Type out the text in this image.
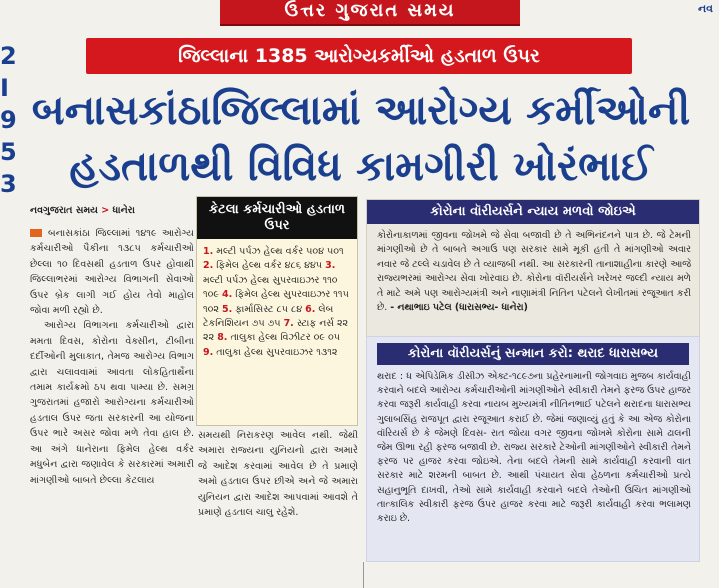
ઉત્તર ગુજરાત સમય	નવ
2
I
9
5
3
જિલ્લાના 1385 આરોગ્યકર્મીઓ હડતાળ ઉપર
બનાસકાંઠાજિલ્લામાં આરોગ્ય કર્મીઓની
હડતાળથી વિવિધ કામગીરી ખોરંભાઈ
નવગુજરાત સમય > ધાનેરા

બનાસકાંઠા જિલ્લામાં ૧૪૧૯ આરોગ્ય કર્મચારીઓ પૈકીના ૧૩૮૫ કર્મચારીઓ છેલ્લા ૧૦ દિવસથી હડતાળ ઉપર હોવાથી જિલ્લાભરમાં આરોગ્ય વિભાગની સેવાઓ ઉપર બ્રેક લાગી ગઈ હોય તેવો માહોલ જોવા મળી રહ્યો છે.

આરોગ્ય વિભાગના કર્મચારીઓ દ્વારા મમતા દિવસ, કોરોના વેક્સીન, ટીબીના દર્દીઓની મુલાકાત, તેમજ આરોગ્ય વિભાગ દ્વારા ચલાવવામાં આવતા લોકહિતાર્થેના તમામ કાર્યક્રમો ઠપ થવા પામ્યા છે. સમગ્ર ગુજરાતમાં હજારો આરોગ્યના કર્મચારીઓ હડતાલ ઉપર જતા સરકારની આ યોજના ઉપર ભારે અસર જોવા મળે તેવા હાલ છે. આ અંગે ધાનેરાના ફિમેલ હેલ્થ વર્કર મધુબેન દ્વારા જણાવેલ કે સરકારમાં અમારી માંગણીઓ બાબતે છેલ્લા કેટલાય

કેટલા કર્મચારીઓ હડતાળ ઉપર
1. મલ્ટી પર્પઝ હેલ્થ વર્કર ૫૦૪ ૫૦૧ 2. ફિમેલ હેલ્થ વર્કર ૪૮૬ ૪૪૫ 3. મલ્ટી પર્પઝ હેલ્થ સુપરવાઇઝર ૧૧૦ ૧૦૯ 4. ફિમેલ હેલ્થ સુપરવાઇઝર ૧૧૫ ૧૦૨ 5. ફાર્માસિસ્ટ ૮૫ ૮૪ 6. લેબ ટેકનિશિયન ૭૫ ૭૫ 7. સ્ટાફ નર્સ ૨૨ ૨૨ 8. તાલુકા હેલ્થ વિઝીટર ૦૯ ૦૫ 9. તાલુકા હેલ્થ સુપરવાઇઝર ૧૩૧૨
સમયથી નિરાકરણ આવેલ નથી. જેથી અમારા રાજ્યના યુનિયનો દ્વારા અમારે જે આદેશ કરવામાં આવેલ છે તે પ્રમાણે અમો હડતાલ ઉપર છીએ અને જે અમારા યુનિયન દ્વારા આદેશ આપવામાં આવશે તે પ્રમાણે હડતાલ ચાલુ રહેશે.
કોરોના વૉરીયર્સને ન્યાય મળવો જોઇએ
કોરોનાકાળમાં જીવના જોખમે જે સેવા બજાવી છે તે અભિનંદનને પાત્ર છે. જે ટેમની માંગણીઓ છે તે બાબતે અગાઉ પણ સરકાર સામે મૂકી હતી તે માંગણીઓ અવાર નવાર જે ટલ્લે ચડાવેલ છે તે વ્યાજબી નથી. આ સરકારની તાનાશાહીના કારણે આજે રાજ્યભરમાં આરોગ્ય સેવા ખોરવાઇ છે. કોરોના વૉરીયર્સને ખરેખર જલ્દી ન્યાય મળે તે માટે અમે પણ આરોગ્યમંત્રી અને નાણામંત્રી નિતિન પટેલને લેખીતમાં રજૂઆત કરી છે. - નથાભાઇ પટેલ (ધારાસભ્ય- ધાનેરા)
કોરોના વૉરીયર્સનું સન્માન કરો: થરાદ ધારાસભ્ય
થરાદ : ધ એપિડેમિક ડીસીઝ એક્ટ-૧૮૯૭ના પ્રહેરનામાની જોગવાઇ મુજબ કાર્યવાહી કરવાને બદલે આરોગ્ય કર્મચારીઓની માંગણીઓને સ્વીકારી તેમને ફરજ ઉપર હાજર કરવા જરૂરી કાર્યવાહી કરવા નાયબ મુખ્યમંત્રી નીતિનભાઈ પટેલને થરાદના ધારાસભ્ય ગુલાબસિંહ રાજપૂત દ્વારા રજૂઆત કરાઈ છે. જેમાં જણાવ્યું હતું કે આ એજ કોરોના વૉરિયર્સ છે કે જેમણે દિવસ- રાત જોયા વગર જીવના જોખમે કોરોના સામે ઢાલની જેમ ઊભા રહી ફરજ બજાવી છે. રાજ્ય સરકારે ટેઓની માંગણીઓને સ્વીકારી તેમને ફરજ પર હાજર કરવા જોઇએ. તેના બદલે તેમની સામે કાર્યવાહી કરવાની વાત સરકાર માટે શરમની બાબત છે. આથી પંચાયત સેવા હેઠળના કર્મચારીઓ પ્રત્યે સહાનુભૂતિ દાખવી, તેઓ સામે કાર્યવાહી કરવાને બદલે તેઓની ઉચિત માંગણીઓ તાત્કાલિક સ્વીકારી ફરજ ઉપર હાજર કરવા માટે જરૂરી કાર્યવાહી કરવા ભલામણ કરાઇ છે.
